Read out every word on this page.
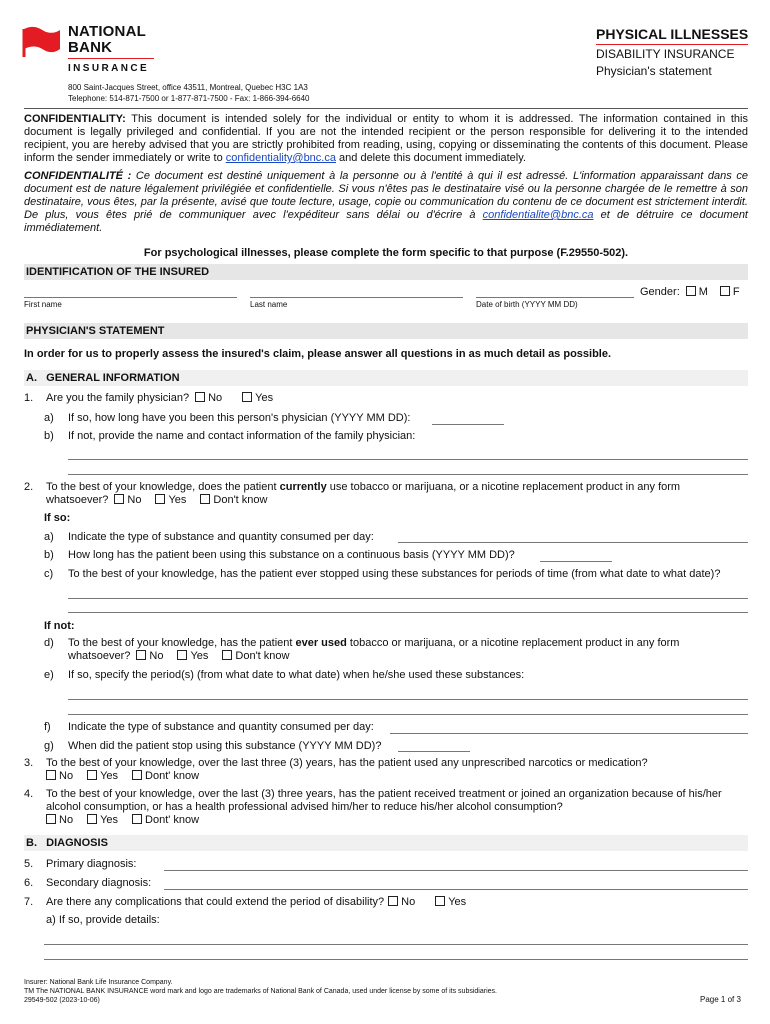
NATIONAL
BANK
INSURANCE
800 Saint-Jacques Street, office 43511, Montreal, Quebec H3C 1A3
Telephone: 514-871-7500 or 1-877-871-7500 - Fax: 1-866-394-6640
PHYSICAL ILLNESSES
DISABILITY INSURANCE
Physician's statement
CONFIDENTIALITY: This document is intended solely for the individual or entity to whom it is addressed. The information contained in this document is legally privileged and confidential. If you are not the intended recipient or the person responsible for delivering it to the intended recipient, you are hereby advised that you are strictly prohibited from reading, using, copying or disseminating the contents of this document. Please inform the sender immediately or write to confidentiality@bnc.ca and delete this document immediately.
CONFIDENTIALITÉ : Ce document est destiné uniquement à la personne ou à l'entité à qui il est adressé. L'information apparaissant dans ce document est de nature légalement privilégiée et confidentielle. Si vous n'êtes pas le destinataire visé ou la personne chargée de le remettre à son destinataire, vous êtes, par la présente, avisé que toute lecture, usage, copie ou communication du contenu de ce document est strictement interdit. De plus, vous êtes prié de communiquer avec l'expéditeur sans délai ou d'écrire à confidentialite@bnc.ca et de détruire ce document immédiatement.
For psychological illnesses, please complete the form specific to that purpose (F.29550-502).
IDENTIFICATION OF THE INSURED
Gender: M F
First name	Last name	Date of birth (YYYY MM DD)
PHYSICIAN'S STATEMENT
In order for us to properly assess the insured's claim, please answer all questions in as much detail as possible.
A. GENERAL INFORMATION
1. Are you the family physician? No	Yes
a) If so, how long have you been this person's physician (YYYY MM DD):
b) If not, provide the name and contact information of the family physician:
2. To the best of your knowledge, does the patient currently use tobacco or marijuana, or a nicotine replacement product in any form
whatsoever? No Yes Don't know
If so:
a) Indicate the type of substance and quantity consumed per day:
b) How long has the patient been using this substance on a continuous basis (YYYY MM DD)?
c) To the best of your knowledge, has the patient ever stopped using these substances for periods of time (from what date to what date)?
If not:
d) To the best of your knowledge, has the patient ever used tobacco or marijuana, or a nicotine replacement product in any form
whatsoever? No Yes Don't know
e) If so, specify the period(s) (from what date to what date) when he/she used these substances:
f) Indicate the type of substance and quantity consumed per day:
g) When did the patient stop using this substance (YYYY MM DD)?
3. To the best of your knowledge, over the last three (3) years, has the patient used any unprescribed narcotics or medication?
No Yes Dont' know
4. To the best of your knowledge, over the last (3) three years, has the patient received treatment or joined an organization because of his/her alcohol consumption, or has a health professional advised him/her to reduce his/her alcohol consumption?
No Yes Dont' know
B. DIAGNOSIS
5. Primary diagnosis:
6. Secondary diagnosis:
7. Are there any complications that could extend the period of disability? No	Yes
a) If so, provide details:
Insurer: National Bank Life Insurance Company.
TM The NATIONAL BANK INSURANCE word mark and logo are trademarks of National Bank of Canada, used under license by some of its subsidiaries.
29549-502 (2023-10-06)	Page 1 of 3
